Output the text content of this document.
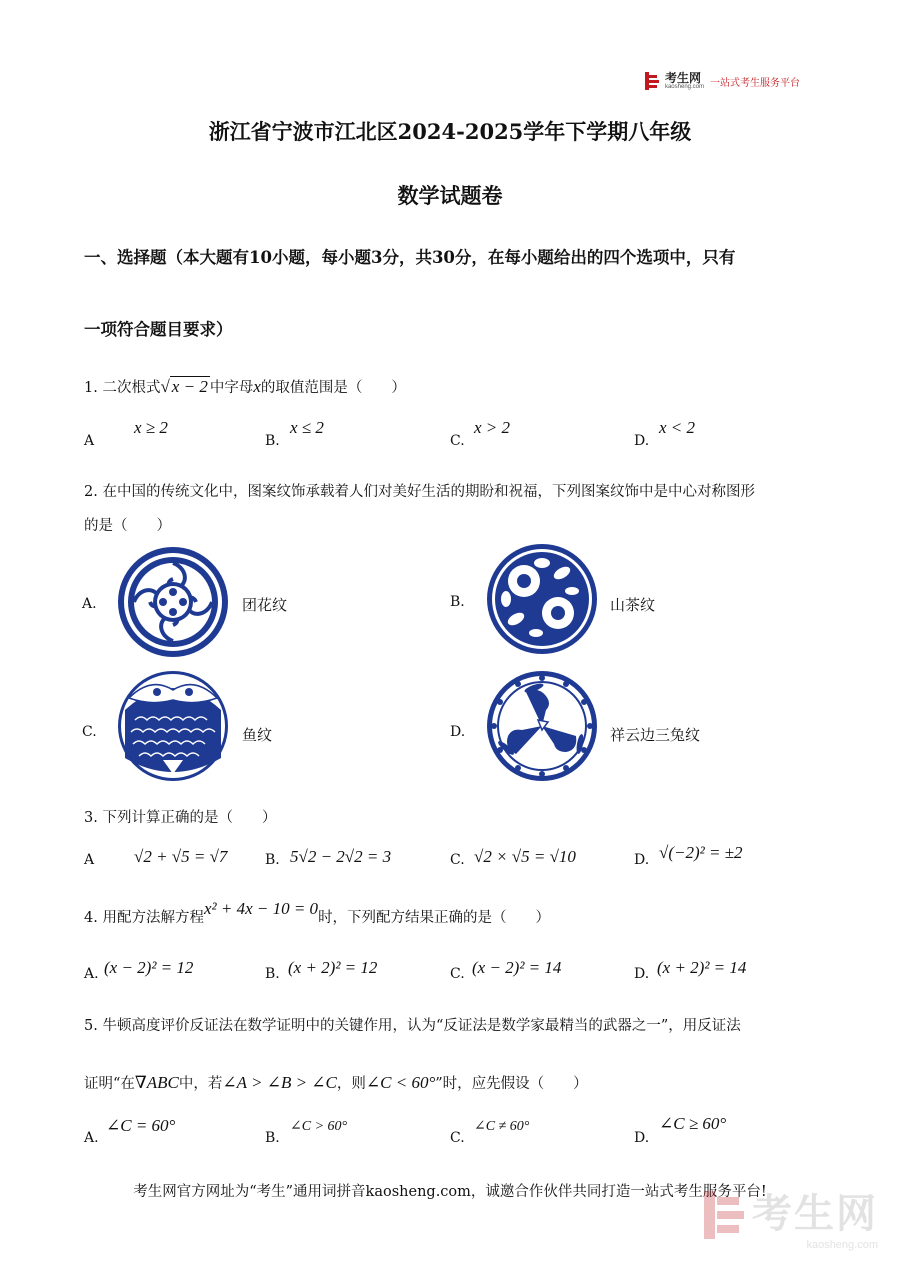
考生网
kaosheng.com 一站式考生服务平台
浙江省宁波市江北区2024-2025学年下学期八年级
数学试题卷
一、选择题（本大题有10小题，每小题3分，共30分，在每小题给出的四个选项中，只有
一项符合题目要求）
1. 二次根式√ x − 2 中字母x的取值范围是（　　）
A
x ≥ 2
B.
x ≤ 2
C.
x > 2
D.
x < 2
2. 在中国的传统文化中，图案纹饰承载着人们对美好生活的期盼和祝福，下列图案纹饰中是中心对称图形
的是（　　）
A.	团花纹	B.	山茶纹
C.	鱼纹	D.	祥云边三兔纹
3. 下列计算正确的是（　　）
A √2 + √5 = √7	B. 5√2 − 2√2 = 3	C. √2 × √5 = √10	D. √(−2)² = ±2
4. 用配方法解方程x² + 4x − 10 = 0时，下列配方结果正确的是（　　）
A. (x − 2)² = 12	B. (x + 2)² = 12	C. (x − 2)² = 14	D. (x + 2)² = 14
5. 牛顿高度评价反证法在数学证明中的关键作用，认为“反证法是数学家最精当的武器之一”，用反证法
证明“在∇ABC中，若∠A > ∠B > ∠C，则∠C < 60°”时，应先假设（　　）
A.
∠C = 60°
B.
∠C > 60°
C.
∠C ≠ 60°
D.
∠C ≥ 60°
考生网官方网址为“考生”通用词拼音kaosheng.com，诚邀合作伙伴共同打造一站式考生服务平台!
考生网
kaosheng.com
